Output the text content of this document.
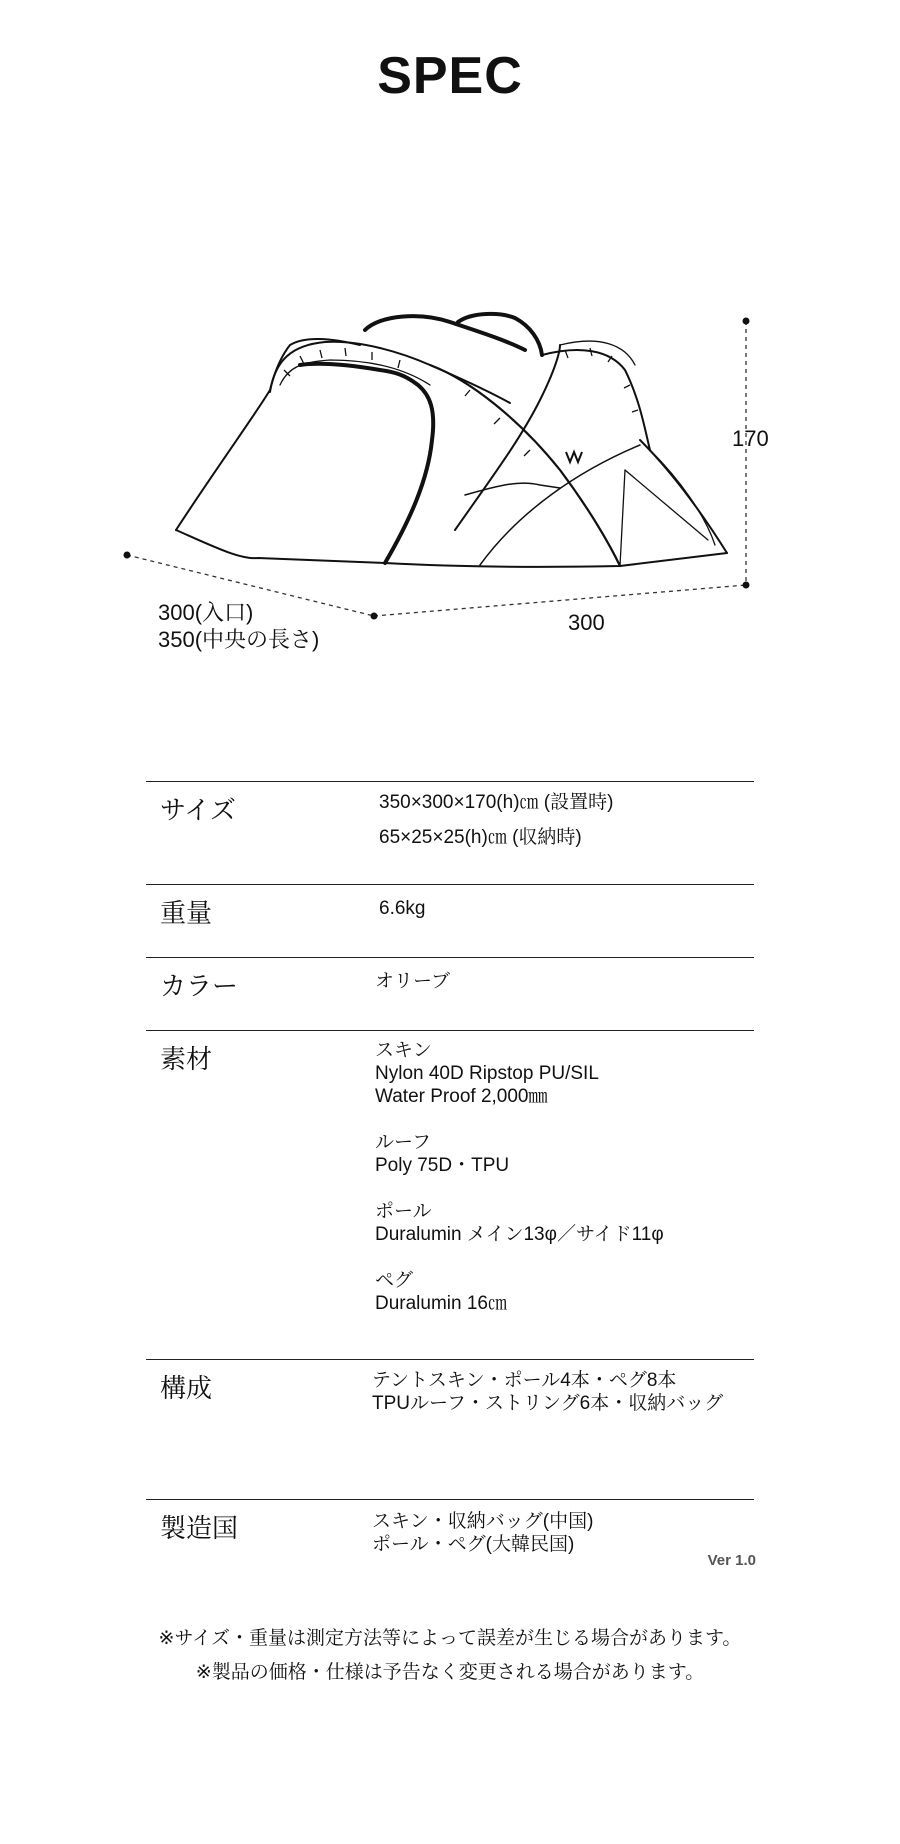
SPEC
170
300
300(入口)
350(中央の長さ)
サイズ	350×300×170(h)㎝ (設置時)
65×25×25(h)㎝ (収納時)
重量	6.6kg
カラー	オリーブ
素材	スキン
Nylon 40D Ripstop PU/SIL
Water Proof 2,000㎜
ルーフ
Poly 75D・TPU
ポール
Duralumin メイン13φ／サイド11φ
ペグ
Duralumin 16㎝
構成	テントスキン・ポール4本・ペグ8本
TPUルーフ・ストリング6本・収納バッグ
製造国	スキン・収納バッグ(中国)
ポール・ペグ(大韓民国)
Ver 1.0
※サイズ・重量は測定方法等によって誤差が生じる場合があります。
※製品の価格・仕様は予告なく変更される場合があります。
